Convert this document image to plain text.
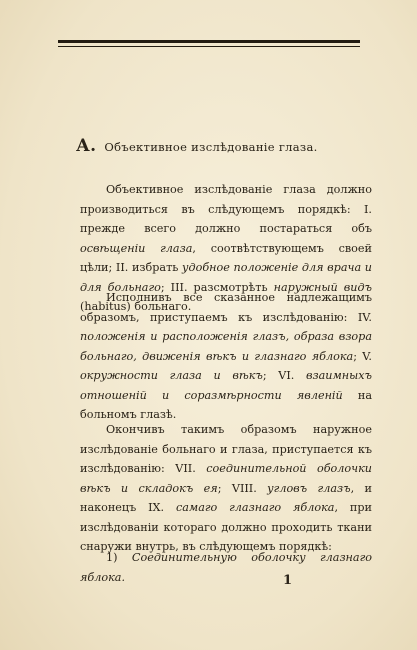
А. Объективное изслѣдованіе глаза.
Объективное изслѣдованіе глаза должно производиться въ слѣдующемъ порядкѣ: І. прежде всего должно постараться объ освѣщеніи глаза, соотвѣтствующемъ своей цѣли; ІІ. избрать удобное положеніе для врача и для больнаго; ІІІ. разсмотрѣть наружный видъ (habitus) больнаго.
Исполнивъ все сказанное надлежащимъ образомъ, приступаемъ къ изслѣдованію: IV. положенія и расположенія глазъ, образа взора больнаго, движенія вѣкъ и глазнаго яблока; V. окружности глаза и вѣкъ; VI. взаимныхъ отношеній и соразмѣрности явленій на больномъ глазѣ.
Окончивъ такимъ образомъ наружное изслѣдованіе больнаго и глаза, приступается къ изслѣдованію: VII. соединительной оболочки вѣкъ и складокъ ея; VIII. угловъ глазъ, и наконецъ IX. самаго глазнаго яблока, при изслѣдованіи котораго должно проходить ткани снаружи внутрь, въ слѣдующемъ порядкѣ:
1) Соединительную оболочку глазнаго яблока.	1
